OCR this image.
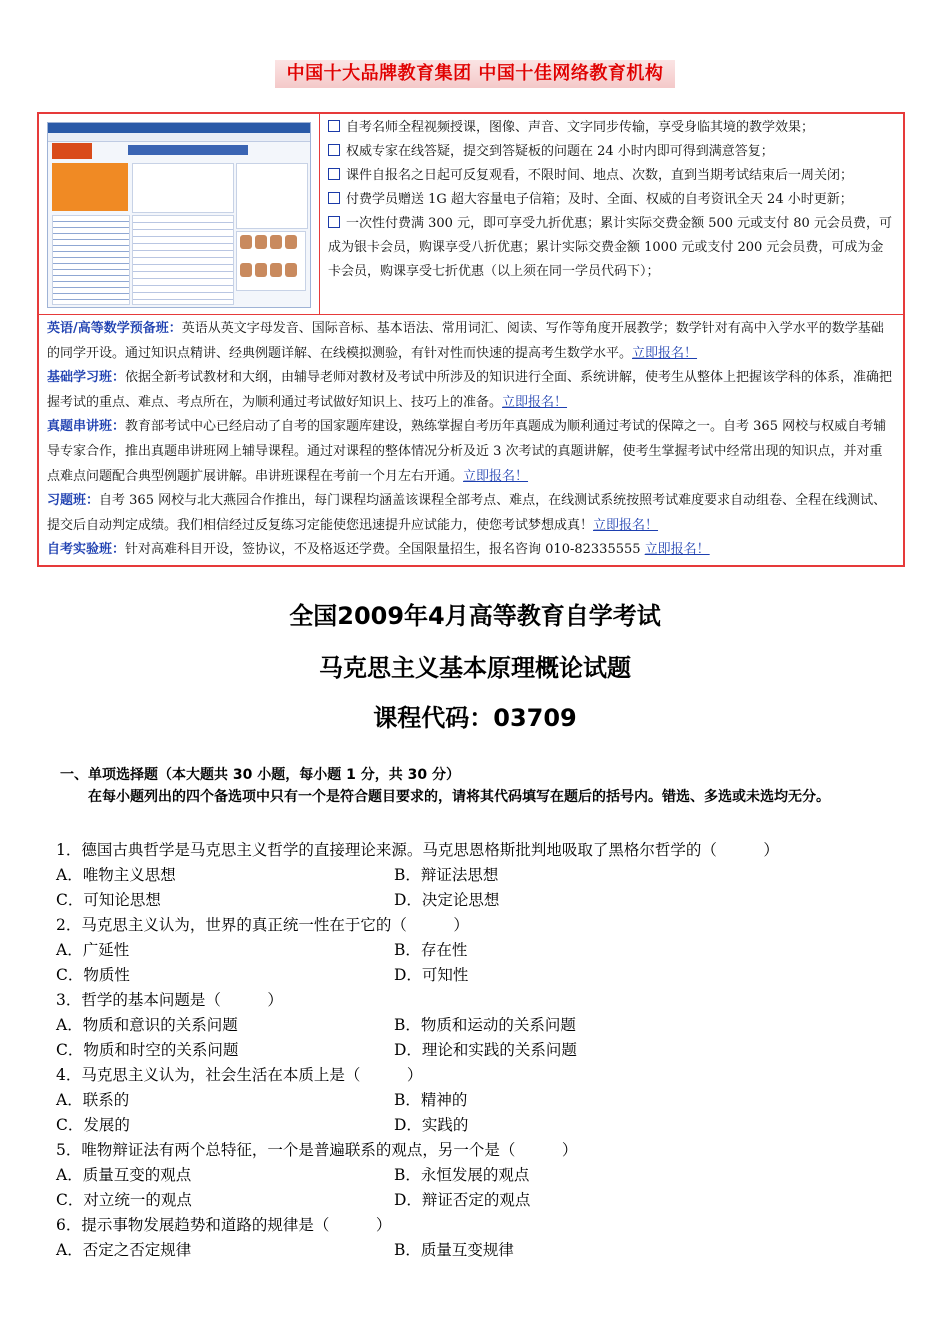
中国十大品牌教育集团 中国十佳网络教育机构

自考名师全程视频授课，图像、声音、文字同步传输，享受身临其境的教学效果；

权威专家在线答疑，提交到答疑板的问题在 24 小时内即可得到满意答复；

课件自报名之日起可反复观看，不限时间、地点、次数，直到当期考试结束后一周关闭；

付费学员赠送 1G 超大容量电子信箱；及时、全面、权威的自考资讯全天 24 小时更新；

一次性付费满 300 元，即可享受九折优惠；累计实际交费金额 500 元或支付 80 元会员费，可成为银卡会员，购课享受八折优惠；累计实际交费金额 1000 元或支付 200 元会员费，可成为金卡会员，购课享受七折优惠（以上须在同一学员代码下）；

英语/高等数学预备班：英语从英文字母发音、国际音标、基本语法、常用词汇、阅读、写作等角度开展教学；数学针对有高中入学水平的数学基础的同学开设。通过知识点精讲、经典例题详解、在线模拟测验，有针对性而快速的提高考生数学水平。立即报名！

基础学习班：依据全新考试教材和大纲，由辅导老师对教材及考试中所涉及的知识进行全面、系统讲解，使考生从整体上把握该学科的体系，准确把握考试的重点、难点、考点所在，为顺利通过考试做好知识上、技巧上的准备。立即报名！

真题串讲班：教育部考试中心已经启动了自考的国家题库建设，熟练掌握自考历年真题成为顺利通过考试的保障之一。自考 365 网校与权威自考辅导专家合作，推出真题串讲班网上辅导课程。通过对课程的整体情况分析及近 3 次考试的真题讲解，使考生掌握考试中经常出现的知识点，并对重点难点问题配合典型例题扩展讲解。串讲班课程在考前一个月左右开通。立即报名！

习题班：自考 365 网校与北大燕园合作推出，每门课程均涵盖该课程全部考点、难点，在线测试系统按照考试难度要求自动组卷、全程在线测试、提交后自动判定成绩。我们相信经过反复练习定能使您迅速提升应试能力，使您考试梦想成真！立即报名！

自考实验班：针对高难科目开设，签协议，不及格返还学费。全国限量招生，报名咨询 010-82335555 立即报名！

全国2009年4月高等教育自学考试
马克思主义基本原理概论试题
课程代码：03709
一、单项选择题（本大题共 30 小题，每小题 1 分，共 30 分）

在每小题列出的四个备选项中只有一个是符合题目要求的，请将其代码填写在题后的括号内。错选、多选或未选均无分。

1．德国古典哲学是马克思主义哲学的直接理论来源。马克思恩格斯批判地吸取了黑格尔哲学的（　　　）
A．唯物主义思想	B．辩证法思想
C．可知论思想	D．决定论思想
2．马克思主义认为，世界的真正统一性在于它的（　　　）
A．广延性	B．存在性
C．物质性	D．可知性
3．哲学的基本问题是（　　　）
A．物质和意识的关系问题	B．物质和运动的关系问题
C．物质和时空的关系问题	D．理论和实践的关系问题
4．马克思主义认为，社会生活在本质上是（　　　）
A．联系的	B．精神的
C．发展的	D．实践的
5．唯物辩证法有两个总特征，一个是普遍联系的观点，另一个是（　　　）
A．质量互变的观点	B．永恒发展的观点
C．对立统一的观点	D．辩证否定的观点
6．提示事物发展趋势和道路的规律是（　　　）
A．否定之否定规律	B．质量互变规律
